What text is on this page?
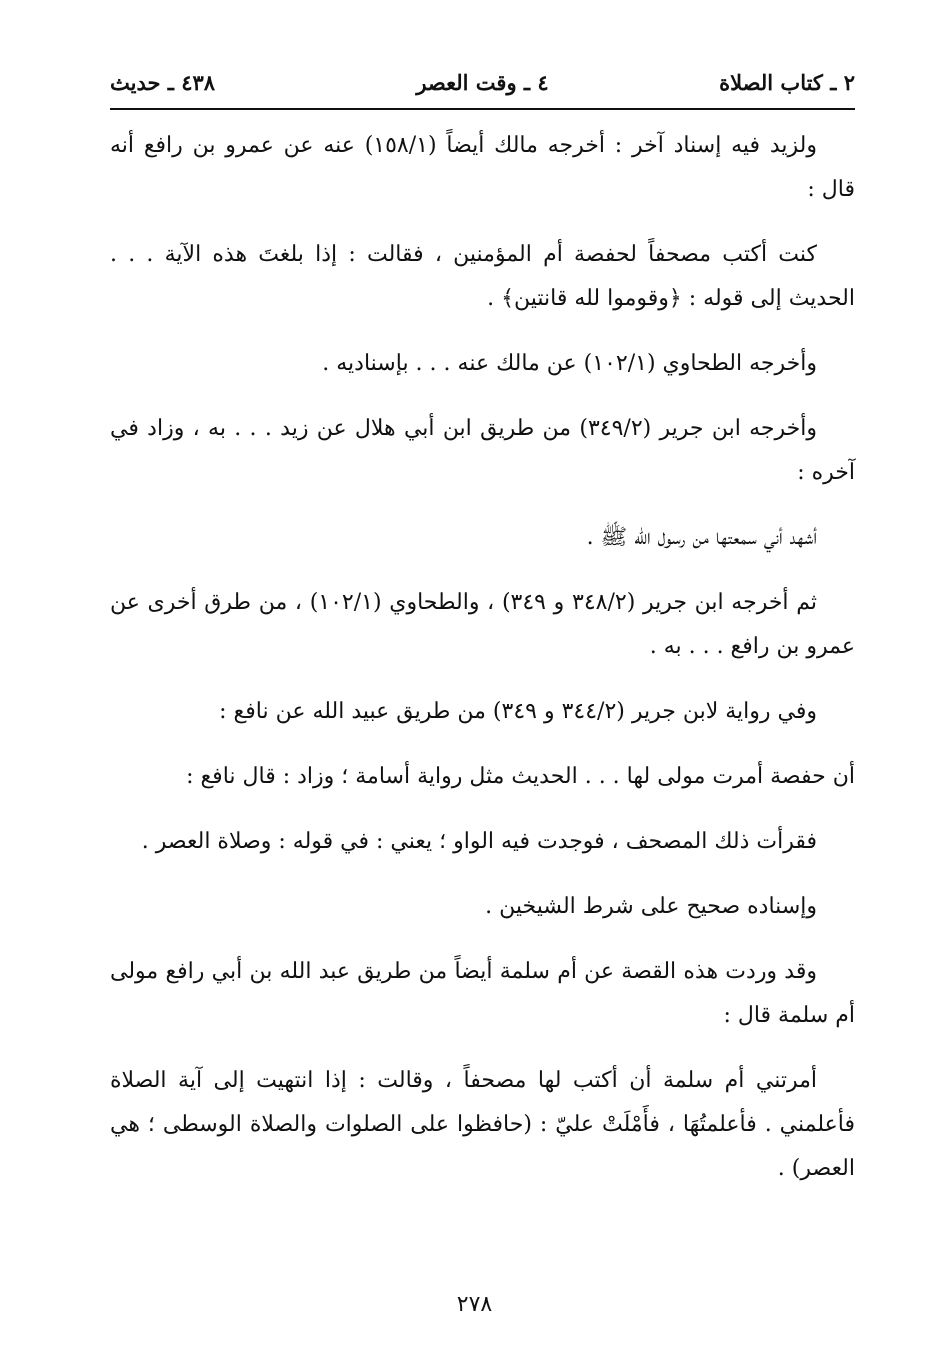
٢ ـ كتاب الصلاة
٤ ـ وقت العصر
٤٣٨ ـ حديث

ولزيد فيه إسناد آخر : أخرجه مالك أيضاً (١٥٨/١) عنه عن عمرو بن رافع أنه قال :

كنت أكتب مصحفاً لحفصة أم المؤمنين ، فقالت : إذا بلغتَ هذه الآية . . . الحديث إلى قوله : ﴿وقوموا لله قانتين﴾ .

وأخرجه الطحاوي (١٠٢/١) عن مالك عنه . . . بإسناديه .

وأخرجه ابن جرير (٣٤٩/٢) من طريق ابن أبي هلال عن زيد . . . به ، وزاد في آخره :

أشهد أني سمعتها من رسول الله ﷺ .

ثم أخرجه ابن جرير (٣٤٨/٢ و ٣٤٩) ، والطحاوي (١٠٢/١) ، من طرق أخرى عن عمرو بن رافع . . . به .

وفي رواية لابن جرير (٣٤٤/٢ و ٣٤٩) من طريق عبيد الله عن نافع :

أن حفصة أمرت مولى لها . . . الحديث مثل رواية أسامة ؛ وزاد : قال نافع :

فقرأت ذلك المصحف ، فوجدت فيه الواو ؛ يعني : في قوله : وصلاة العصر .

وإسناده صحيح على شرط الشيخين .

وقد وردت هذه القصة عن أم سلمة أيضاً من طريق عبد الله بن أبي رافع مولى أم سلمة قال :

أمرتني أم سلمة أن أكتب لها مصحفاً ، وقالت : إذا انتهيت إلى آية الصلاة فأعلمني . فأعلمتُهَا ، فأَمْلَتْ عليّ : (حافظوا على الصلوات والصلاة الوسطى ؛ هي العصر) .

٢٧٨
